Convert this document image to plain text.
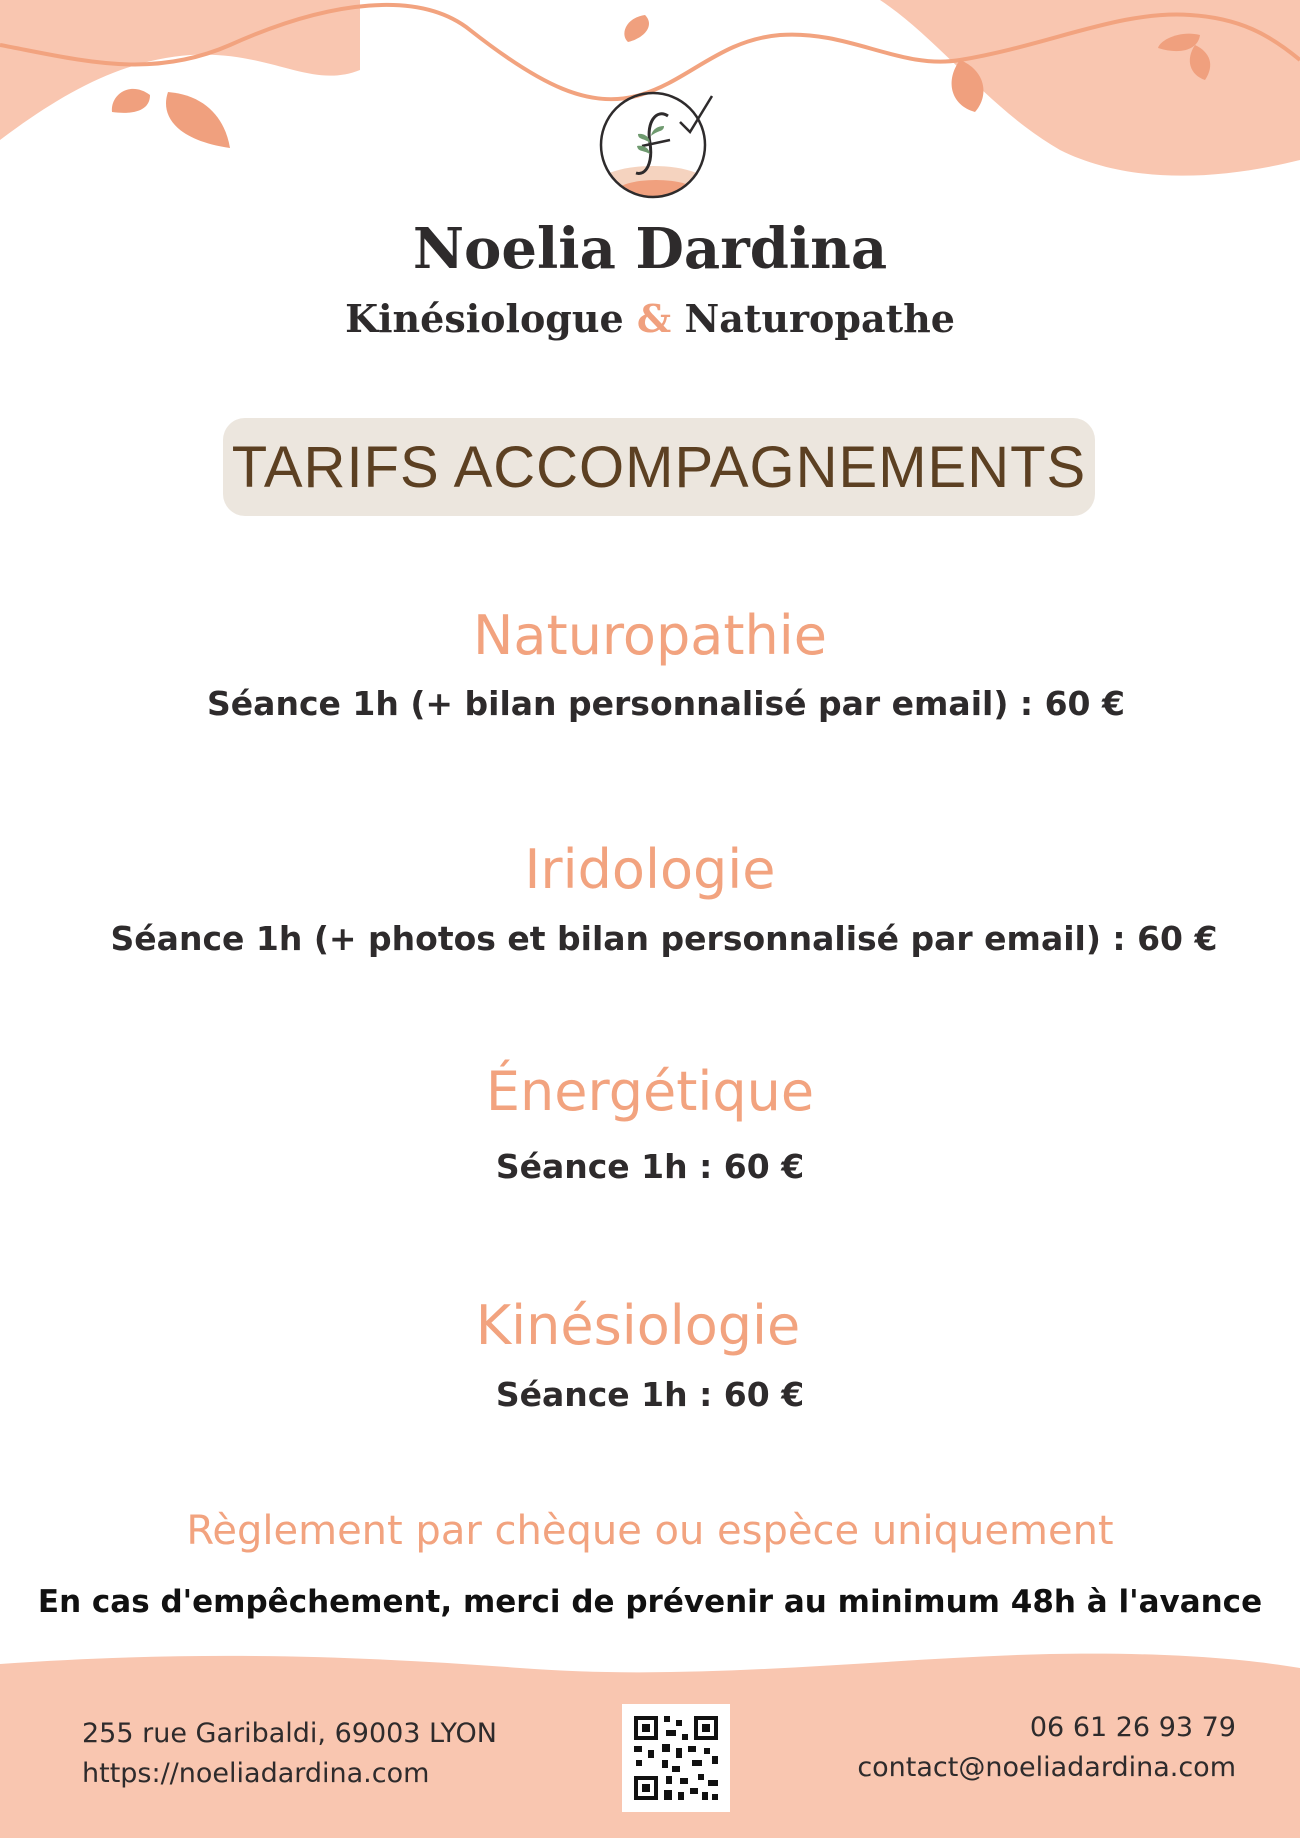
Noelia Dardina
Kinésiologue & Naturopathe
TARIFS ACCOMPAGNEMENTS
Naturopathie
Séance 1h (+ bilan personnalisé par email) : 60 €
Iridologie
Séance 1h (+ photos et bilan personnalisé par email) : 60 €
Énergétique
Séance 1h : 60 €
Kinésiologie
Séance 1h : 60 €
Règlement par chèque ou espèce uniquement
En cas d'empêchement, merci de prévenir au minimum 48h à l'avance
255 rue Garibaldi, 69003 LYON
https://noeliadardina.com
06 61 26 93 79
contact@noeliadardina.com
